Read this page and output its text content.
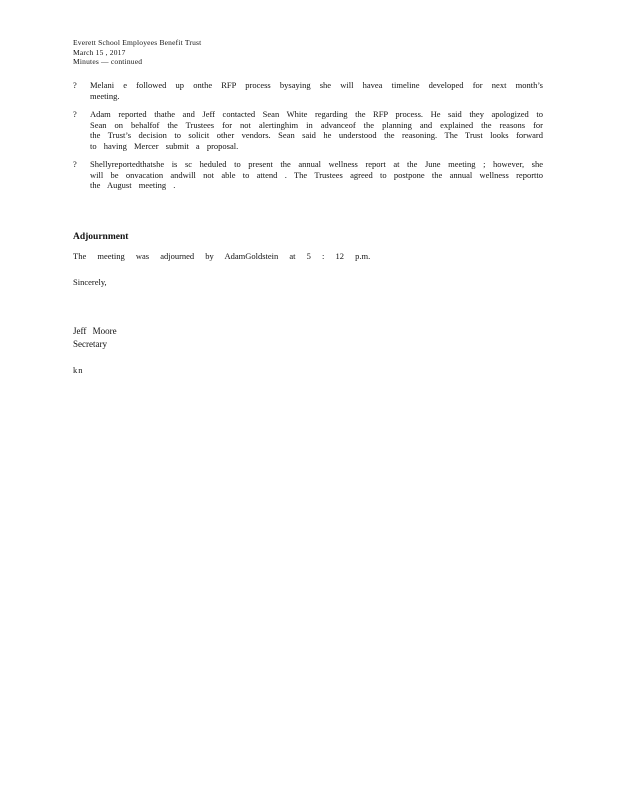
Everett School Employees Benefit Trust
March 15 , 2017
Minutes — continued
?	Melani e followed up onthe RFP process bysaying she will havea timeline developed for next month’s meeting.
?	Adam reported thathe and Jeff contacted Sean White regarding the RFP process. He said they apologized to Sean on behalfof the Trustees for not alertinghim in advanceof the planning and explained the reasons for the Trust’s decision to solicit other vendors. Sean said he understood the reasoning. The Trust looks forward to having Mercer submit a proposal.
?	Shellyreportedthatshe is sc heduled to present the annual wellness report at the June meeting ; however, she will be onvacation andwill not able to attend . The Trustees agreed to postpone the annual wellness reportto the August meeting .
Adjournment
The meeting was adjourned by AdamGoldstein at 5 : 12 p.m.
Sincerely,
Jeff Moore
Secretary
kn
